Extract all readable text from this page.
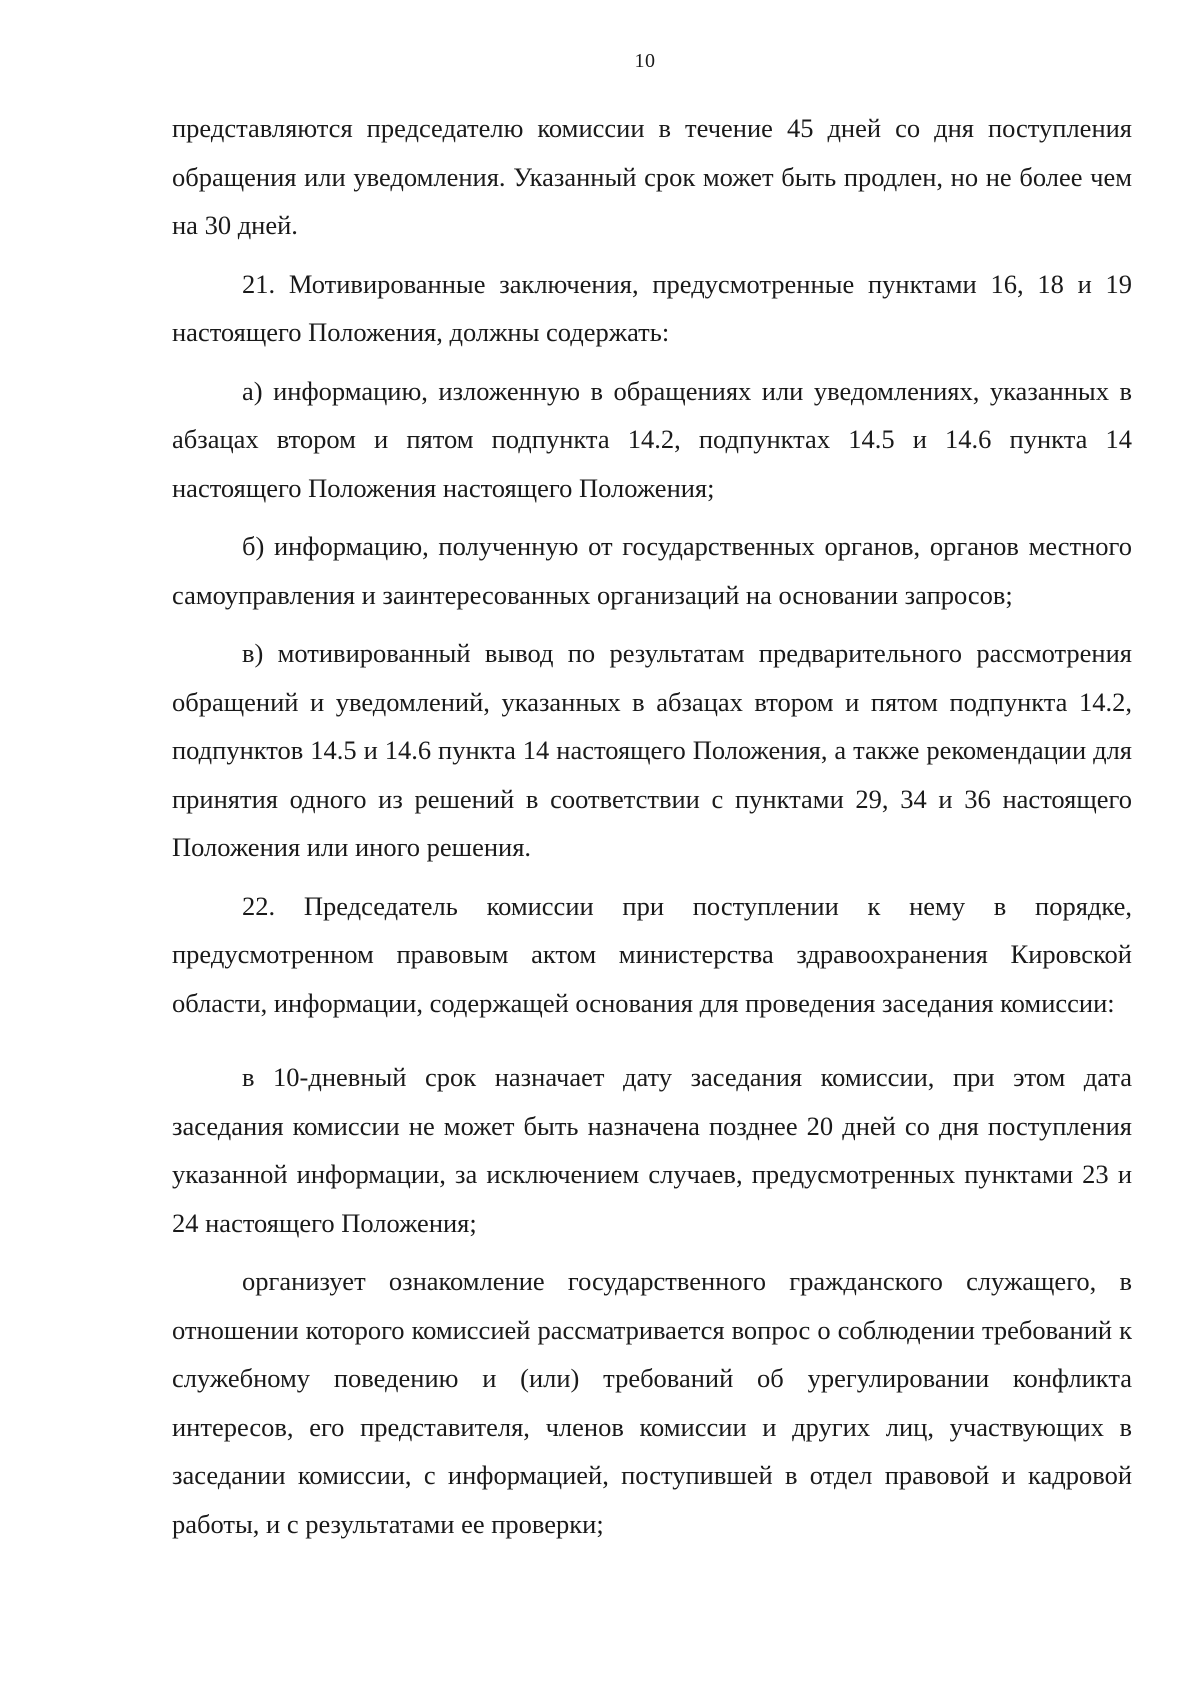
10

представляются председателю комиссии в течение 45 дней со дня поступления обращения или уведомления. Указанный срок может быть продлен, но не более чем на 30 дней.

21. Мотивированные заключения, предусмотренные пунктами 16, 18 и 19 настоящего Положения, должны содержать:

а) информацию, изложенную в обращениях или уведомлениях, указанных в абзацах втором и пятом подпункта 14.2, подпунктах 14.5 и 14.6 пункта 14 настоящего Положения настоящего Положения;

б) информацию, полученную от государственных органов, органов местного самоуправления и заинтересованных организаций на основании запросов;

в) мотивированный вывод по результатам предварительного рассмотрения обращений и уведомлений, указанных в абзацах втором и пятом подпункта 14.2, подпунктов 14.5 и 14.6 пункта 14 настоящего Положения, а также рекомендации для принятия одного из решений в соответствии с пунктами 29, 34 и 36 настоящего Положения или иного решения.

22. Председатель комиссии при поступлении к нему в порядке, предусмотренном правовым актом министерства здравоохранения Кировской области, информации, содержащей основания для проведения заседания комиссии:

в 10-дневный срок назначает дату заседания комиссии, при этом дата заседания комиссии не может быть назначена позднее 20 дней со дня поступления указанной информации, за исключением случаев, предусмотренных пунктами 23 и 24 настоящего Положения;

организует ознакомление государственного гражданского служащего, в отношении которого комиссией рассматривается вопрос о соблюдении требований к служебному поведению и (или) требований об урегулировании конфликта интересов, его представителя, членов комиссии и других лиц, участвующих в заседании комиссии, с информацией, поступившей в отдел правовой и кадровой работы, и с результатами ее проверки;
